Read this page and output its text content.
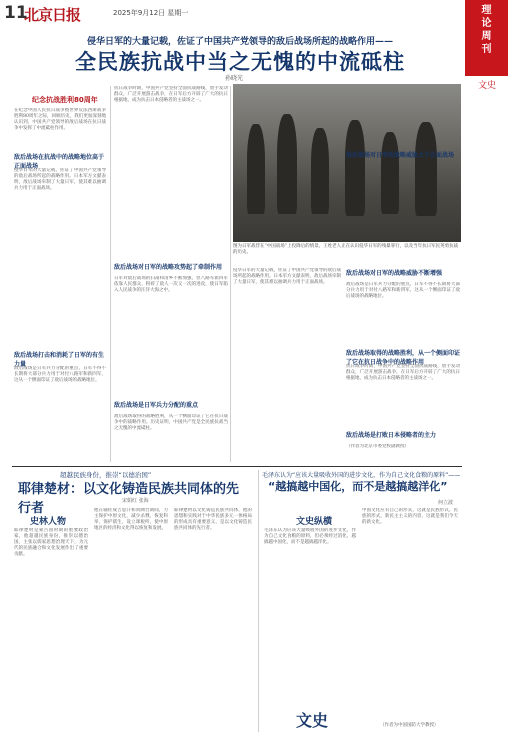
11
北京日报	2025年9月12日 星期一	理
论
周
刊
文史
侵华日军的大量记载，佐证了中国共产党领导的敌后战场所起的战略作用——
全民族抗战中当之无愧的中流砥柱
孙晓光
纪念抗战胜利80周年
在纪念中国人民抗日战争暨世界反法西斯战争胜利80周年之际，回顾历史，我们更加深刻地认识到，中国共产党领导的敌后战场在抗日战争中发挥了中流砥柱作用。
敌后战场在抗战中的战略地位高于正面战场
侵华日军的大量记载，佐证了中国共产党领导的敌后战场所起的战略作用。日本军方文献表明，敌后战场牵制了大量日军，使其难以抽调兵力用于正面战场。
敌后战场打击和消耗了日军的有生力量
敌后战场是日军兵力分配的重点，日军不得不长期将大部分兵力用于对付八路军和新四军，这从一个侧面印证了敌后战场的战略地位。
抗日战争时期，中国共产党坚持全面抗战路线，放手发动群众，广泛开展游击战争，在日军后方开辟了广大的抗日根据地，成为抗击日本侵略者的主战场之一。
敌后战场对日军的战略攻势起了牵制作用
日军对敌后战场的扫荡和清乡不断加强，但八路军新四军依靠人民群众，粉碎了敌人一次又一次的进攻，使日军陷入人民战争的汪洋大海之中。
敌后战场是日军兵力分配的重点
敌后战场取得的战略胜利，从一个侧面印证了它在抗日战争中的战略作用。历史证明，中国共产党是全民族抗战当之无愧的中流砥柱。
图为日军战俘在“中国战场”上投降后的情景。王姓老人正在认识侵华日军的残暴罪行，以及当年抗日军民英勇抗战的历史。
侵华日军的大量记载，佐证了中国共产党领导的敌后战场所起的战略作用。日本军方文献表明，敌后战场牵制了大量日军，使其难以抽调兵力用于正面战场。
敌后战场对日军的战略威胁不断增强
敌后战场是日军兵力分配的重点，日军不得不长期将大部分兵力用于对付八路军和新四军，这从一个侧面印证了敌后战场的战略地位。
敌后战场取得的战略胜利，从一个侧面印证了它在抗日战争中的战略作用
抗日战争时期，中国共产党坚持全面抗战路线，放手发动群众，广泛开展游击战争，在日军后方开辟了广大的抗日根据地，成为抗击日本侵略者的主战场之一。
敌后战场是打败日本侵略者的主力
（作者为北京市委党校副教授）
敌后战场对日军的战略威胁大于正面战场
超越民族身份，推崇“以德治国”
耶律楚材：以文化铸造民族共同体的先行者	宋娟红 张海
史林人物
耶律楚材是蒙古国时期的重要政治家，他超越民族身份，推崇以德治国，主张以儒家思想治理天下，为元代的民族融合和文化发展作出了重要贡献。
他在辅佐成吉思汗和窝阔台期间，力主保护中原文化，减少杀戮，恢复科举，保护儒生，设立课税所，使中原地区的经济和文化得以恢复和发展。
耶律楚材以文化铸造民族共同体，他的思想和实践对于中华民族多元一体格局的形成具有重要意义，是以文化铸造民族共同体的先行者。
毛泽东认为“应该大量吸收外国的进步文化，作为自己文化食粮的原料”——
“越搞越中国化，而不是越搞越洋化”
何立波
文史纵横
毛泽东认为应该大量吸收外国的进步文化，作为自己文化食粮的原料，但必须经过消化，越搞越中国化，而不是越搞越洋化。
中国文化应有自己的形式，这就是民族形式。民族的形式，新民主主义的内容，这就是我们今天的新文化。
文史	（作者为中国国防大学教授）
